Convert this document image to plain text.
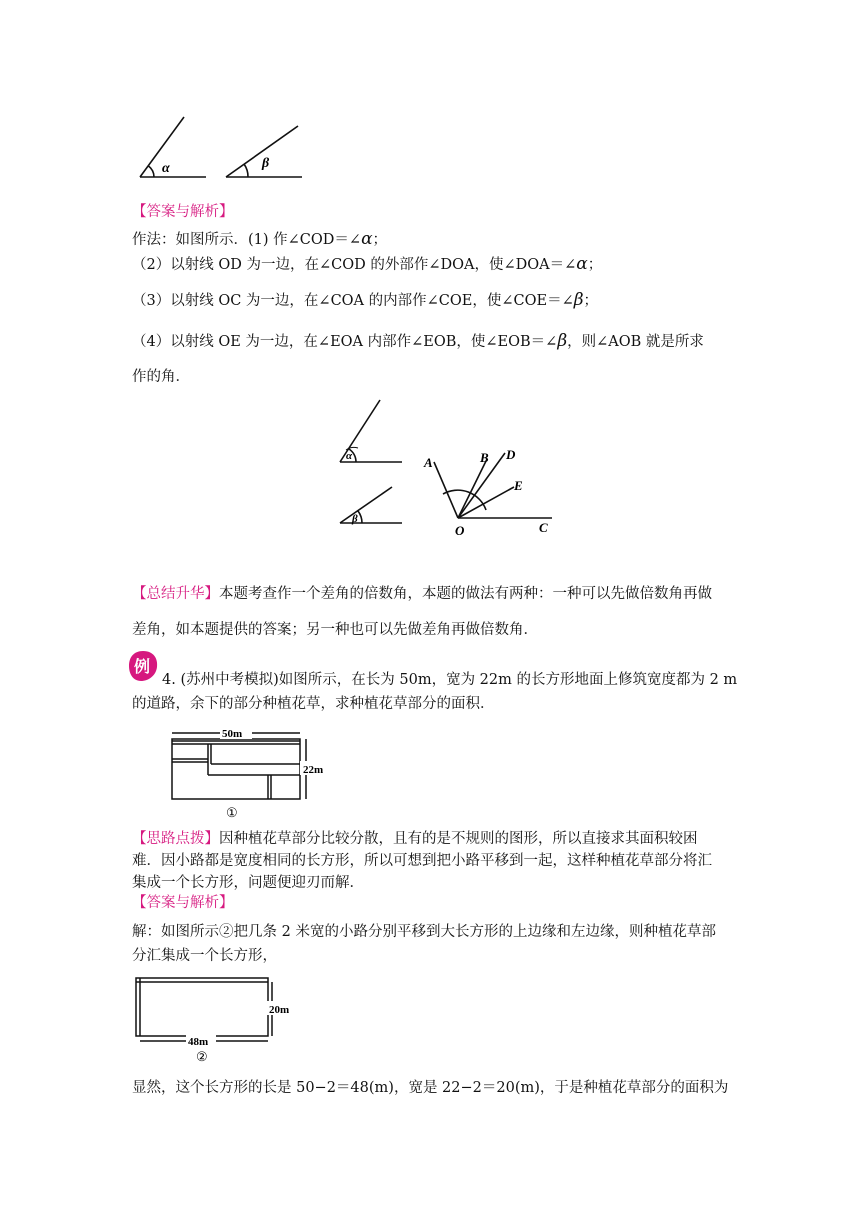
α	β
【答案与解析】
作法：如图所示．(1) 作∠COD＝∠α；
（2）以射线 OD 为一边，在∠COD 的外部作∠DOA，使∠DOA＝∠α；
（3）以射线 OC 为一边，在∠COA 的内部作∠COE，使∠COE＝∠β；
（4）以射线 OE 为一边，在∠EOA 内部作∠EOB，使∠EOB＝∠β，则∠AOB 就是所求
作的角．
α
β
A	B D
E
O	C
【总结升华】本题考查作一个差角的倍数角，本题的做法有两种：一种可以先做倍数角再做
差角，如本题提供的答案；另一种也可以先做差角再做倍数角．
例
4. (苏州中考模拟)如图所示，在长为 50m，宽为 22m 的长方形地面上修筑宽度都为 2 m
的道路，余下的部分种植花草，求种植花草部分的面积．
50m
22m
①
【思路点拨】因种植花草部分比较分散，且有的是不规则的图形，所以直接求其面积较困
难．因小路都是宽度相同的长方形，所以可想到把小路平移到一起，这样种植花草部分将汇
集成一个长方形，问题便迎刃而解．
【答案与解析】
解：如图所示②把几条 2 米宽的小路分别平移到大长方形的上边缘和左边缘，则种植花草部
分汇集成一个长方形，
20m
48m
②
显然，这个长方形的长是 50−2＝48(m)，宽是 22−2＝20(m)，于是种植花草部分的面积为
